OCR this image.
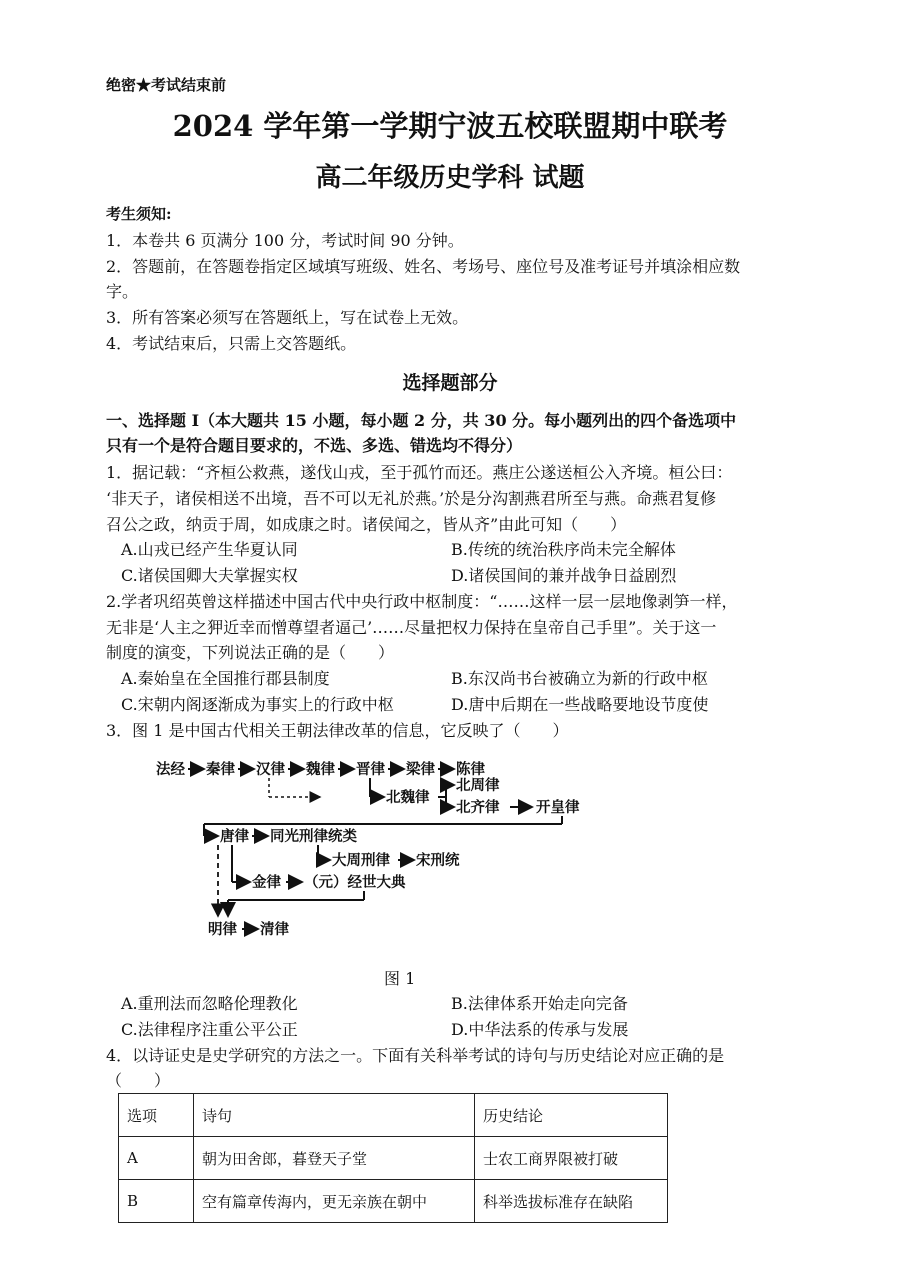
绝密★考试结束前
2024 学年第一学期宁波五校联盟期中联考
高二年级历史学科 试题
考生须知:
1．本卷共 6 页满分 100 分，考试时间 90 分钟。
2．答题前，在答题卷指定区域填写班级、姓名、考场号、座位号及准考证号并填涂相应数
字。
3．所有答案必须写在答题纸上，写在试卷上无效。
4．考试结束后，只需上交答题纸。
选择题部分
一、选择题 I（本大题共 15 小题，每小题 2 分，共 30 分。每小题列出的四个备选项中
只有一个是符合题目要求的，不选、多选、错选均不得分）
1．据记载：“齐桓公救燕，遂伐山戎，至于孤竹而还。燕庄公遂送桓公入齐境。桓公曰：
‘非天子，诸侯相送不出境，吾不可以无礼於燕。’於是分沟割燕君所至与燕。命燕君复修
召公之政，纳贡于周，如成康之时。诸侯闻之，皆从齐”由此可知（　　）
A.山戎已经产生华夏认同	B.传统的统治秩序尚未完全解体
C.诸侯国卿大夫掌握实权	D.诸侯国间的兼并战争日益剧烈
2.学者巩绍英曾这样描述中国古代中央行政中枢制度：“……这样一层一层地像剥笋一样，
无非是‘人主之狎近幸而憎尊望者逼己’……尽量把权力保持在皇帝自己手里”。关于这一
制度的演变，下列说法正确的是（　　）
A.秦始皇在全国推行郡县制度	B.东汉尚书台被确立为新的行政中枢
C.宋朝内阁逐渐成为事实上的行政中枢	D.唐中后期在一些战略要地设节度使
3．图 1 是中国古代相关王朝法律改革的信息，它反映了（　　）
法经 秦律 汉律 魏律 晋律 梁律 陈律
北魏律
北周律
北齐律	开皇律
唐律 同光刑律统类
大周刑律 宋刑统
金律 （元）经世大典
明律 清律
图 1
A.重刑法而忽略伦理教化	B.法律体系开始走向完备
C.法律程序注重公平公正	D.中华法系的传承与发展
4．以诗证史是史学研究的方法之一。下面有关科举考试的诗句与历史结论对应正确的是
（　　）
选项	诗句	历史结论
A	朝为田舍郎，暮登天子堂	士农工商界限被打破
B	空有篇章传海内，更无亲族在朝中	科举选拔标准存在缺陷
